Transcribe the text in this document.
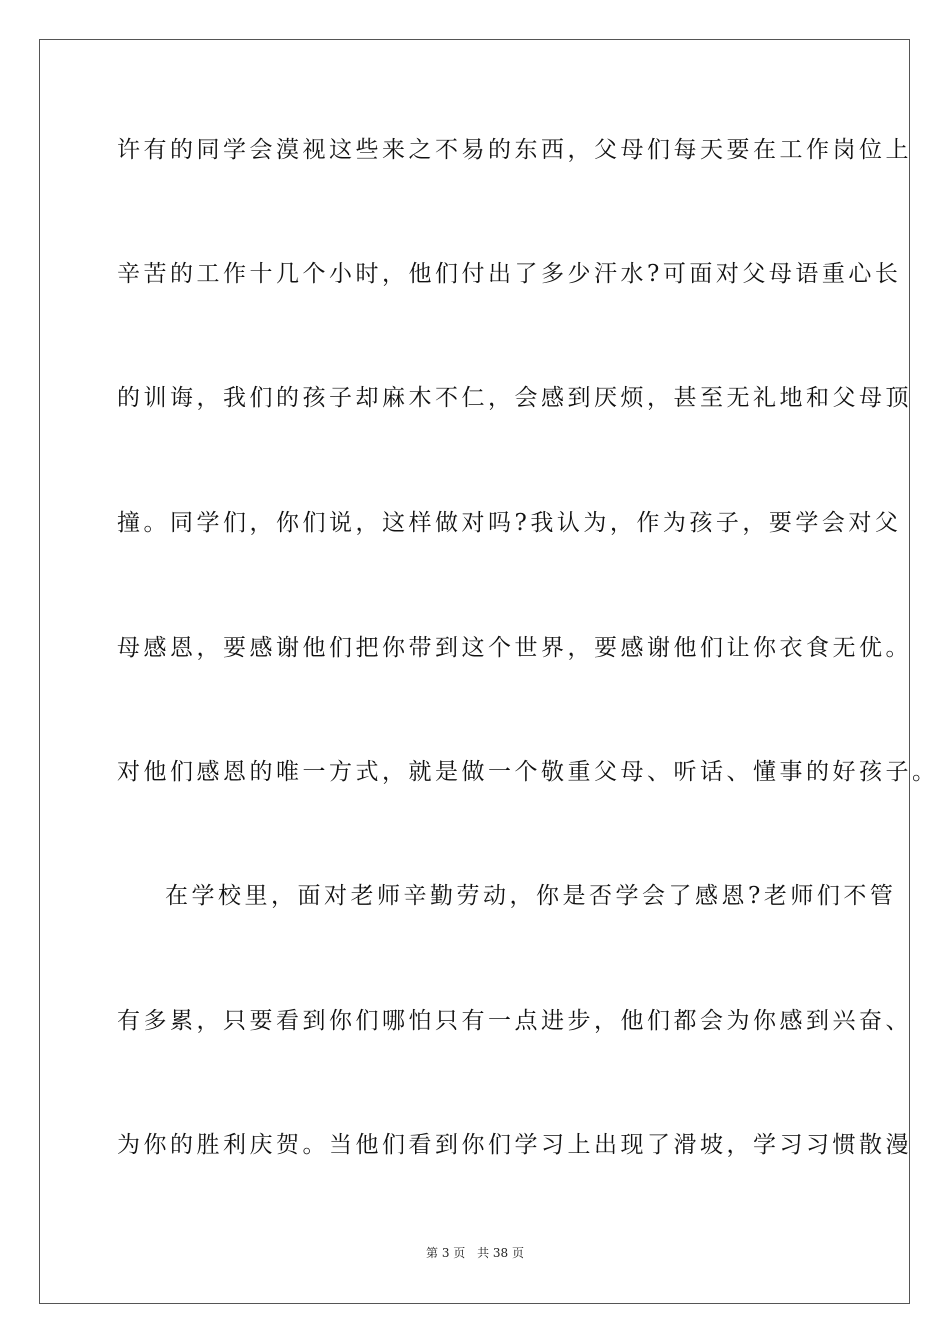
许有的同学会漠视这些来之不易的东西，父母们每天要在工作岗位上
辛苦的工作十几个小时，他们付出了多少汗水?可面对父母语重心长
的训诲，我们的孩子却麻木不仁，会感到厌烦，甚至无礼地和父母顶
撞。同学们，你们说，这样做对吗?我认为，作为孩子，要学会对父
母感恩，要感谢他们把你带到这个世界，要感谢他们让你衣食无优。
对他们感恩的唯一方式，就是做一个敬重父母、听话、懂事的好孩子。
在学校里，面对老师辛勤劳动，你是否学会了感恩?老师们不管
有多累，只要看到你们哪怕只有一点进步，他们都会为你感到兴奋、
为你的胜利庆贺。当他们看到你们学习上出现了滑坡，学习习惯散漫
第 3 页 共 38 页
